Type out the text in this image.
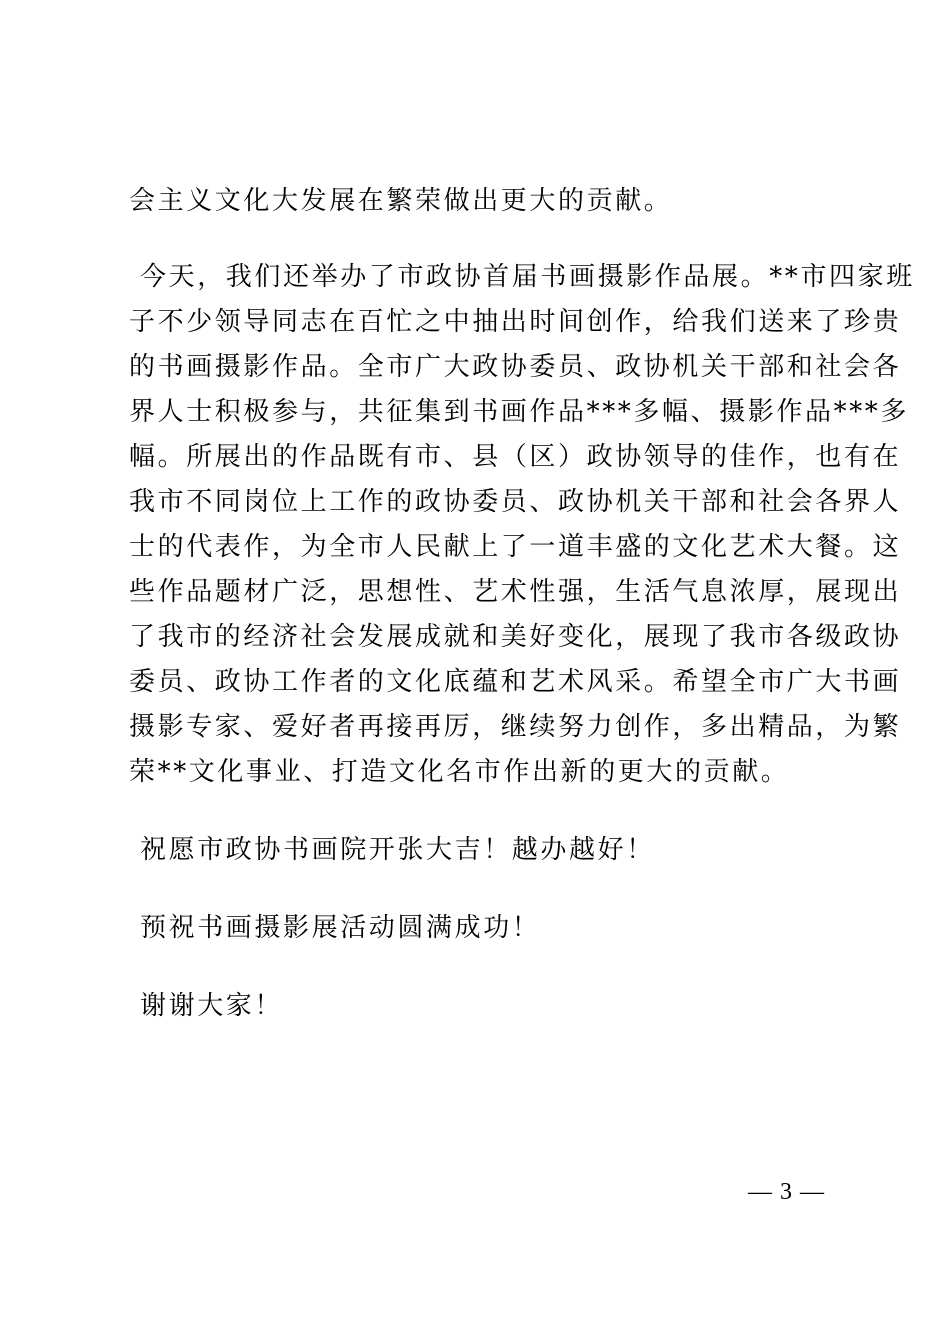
会主义文化大发展在繁荣做出更大的贡献。
今天，我们还举办了市政协首届书画摄影作品展。**市四家班
子不少领导同志在百忙之中抽出时间创作，给我们送来了珍贵
的书画摄影作品。全市广大政协委员、政协机关干部和社会各
界人士积极参与，共征集到书画作品***多幅、摄影作品***多
幅。所展出的作品既有市、县（区）政协领导的佳作，也有在
我市不同岗位上工作的政协委员、政协机关干部和社会各界人
士的代表作，为全市人民献上了一道丰盛的文化艺术大餐。这
些作品题材广泛，思想性、艺术性强，生活气息浓厚，展现出
了我市的经济社会发展成就和美好变化，展现了我市各级政协
委员、政协工作者的文化底蕴和艺术风采。希望全市广大书画
摄影专家、爱好者再接再厉，继续努力创作，多出精品，为繁
荣**文化事业、打造文化名市作出新的更大的贡献。
祝愿市政协书画院开张大吉！越办越好！
预祝书画摄影展活动圆满成功！
谢谢大家！
— 3 —
